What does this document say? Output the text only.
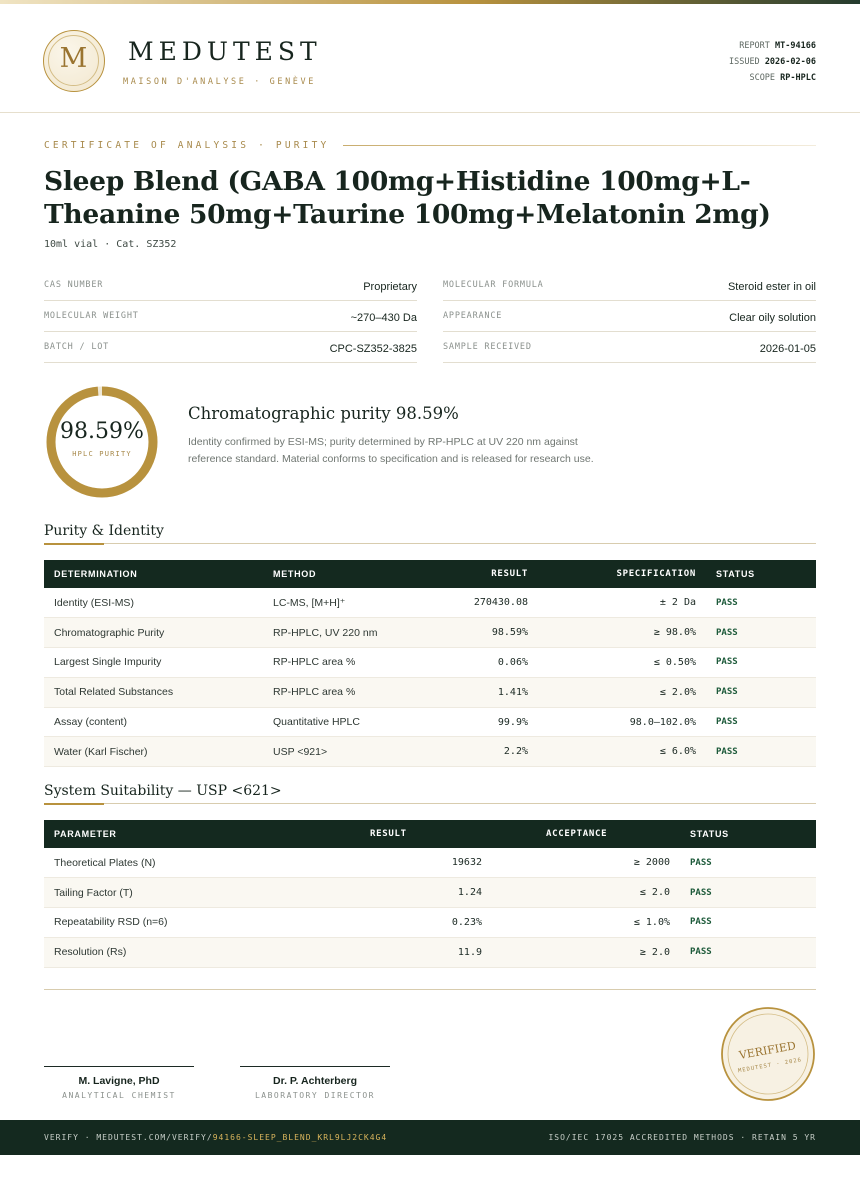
M	MEDUTEST
MAISON D'ANALYSE · GENÈVE
REPORT MT-94166
ISSUED 2026-02-06
SCOPE RP-HPLC
CERTIFICATE OF ANALYSIS · PURITY
Sleep Blend (GABA 100mg+Histidine 100mg+L-Theanine 50mg+Taurine 100mg+Melatonin 2mg)
10ml vial · Cat. SZ352
CAS NUMBER	Proprietary	MOLECULAR FORMULA	Steroid ester in oil
MOLECULAR WEIGHT	~270–430 Da	APPEARANCE	Clear oily solution
BATCH / LOT	CPC-SZ352-3825	SAMPLE RECEIVED	2026-01-05
98.59%
HPLC PURITY
Chromatographic purity 98.59%

Identity confirmed by ESI-MS; purity determined by RP-HPLC at UV 220 nm against reference standard. Material conforms to specification and is released for research use.

Purity & Identity
DETERMINATION	METHOD	RESULT	SPECIFICATION	STATUS
Identity (ESI-MS)	LC-MS, [M+H]⁺	270430.08	± 2 Da	PASS
Chromatographic Purity	RP-HPLC, UV 220 nm	98.59%	≥ 98.0%	PASS
Largest Single Impurity	RP-HPLC area %	0.06%	≤ 0.50%	PASS
Total Related Substances	RP-HPLC area %	1.41%	≤ 2.0%	PASS
Assay (content)	Quantitative HPLC	99.9%	98.0–102.0%	PASS
Water (Karl Fischer)	USP <921>	2.2%	≤ 6.0%	PASS
System Suitability — USP <621>
PARAMETER	RESULT	ACCEPTANCE	STATUS
Theoretical Plates (N)	19632	≥ 2000	PASS
Tailing Factor (T)	1.24	≤ 2.0	PASS
Repeatability RSD (n=6)	0.23%	≤ 1.0%	PASS
Resolution (Rs)	11.9	≥ 2.0	PASS
M. Lavigne, PhD
ANALYTICAL CHEMIST
Dr. P. Achterberg
LABORATORY DIRECTOR
VERIFIED
MEDUTEST · 2026
VERIFY · MEDUTEST.COM/VERIFY/94166-SLEEP_BLEND_KRL9LJ2CK4G4	ISO/IEC 17025 ACCREDITED METHODS · RETAIN 5 YR
